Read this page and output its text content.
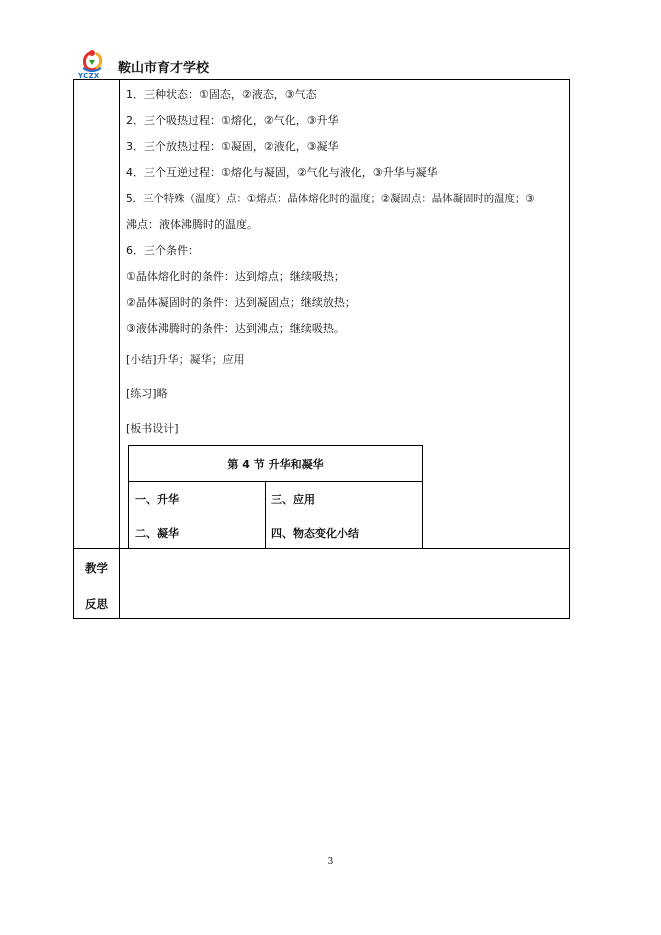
YCZX
鞍山市育才学校
1．三种状态：①固态，②液态，③气态
2．三个吸热过程：①熔化，②气化，③升华
3．三个放热过程：①凝固，②液化，③凝华
4．三个互逆过程：①熔化与凝固，②气化与液化，③升华与凝华
5．三个特殊（温度）点：①熔点：晶体熔化时的温度；②凝固点：晶体凝固时的温度；③
沸点：液体沸腾时的温度。
6．三个条件：
①晶体熔化时的条件：达到熔点；继续吸热；
②晶体凝固时的条件：达到凝固点；继续放热；
③液体沸腾时的条件：达到沸点；继续吸热。
[小结]升华；凝华；应用
[练习]略
[板书设计]
第 4 节 升华和凝华
一、升华	三、应用
二、凝华	四、物态变化小结
教学
反思
3
